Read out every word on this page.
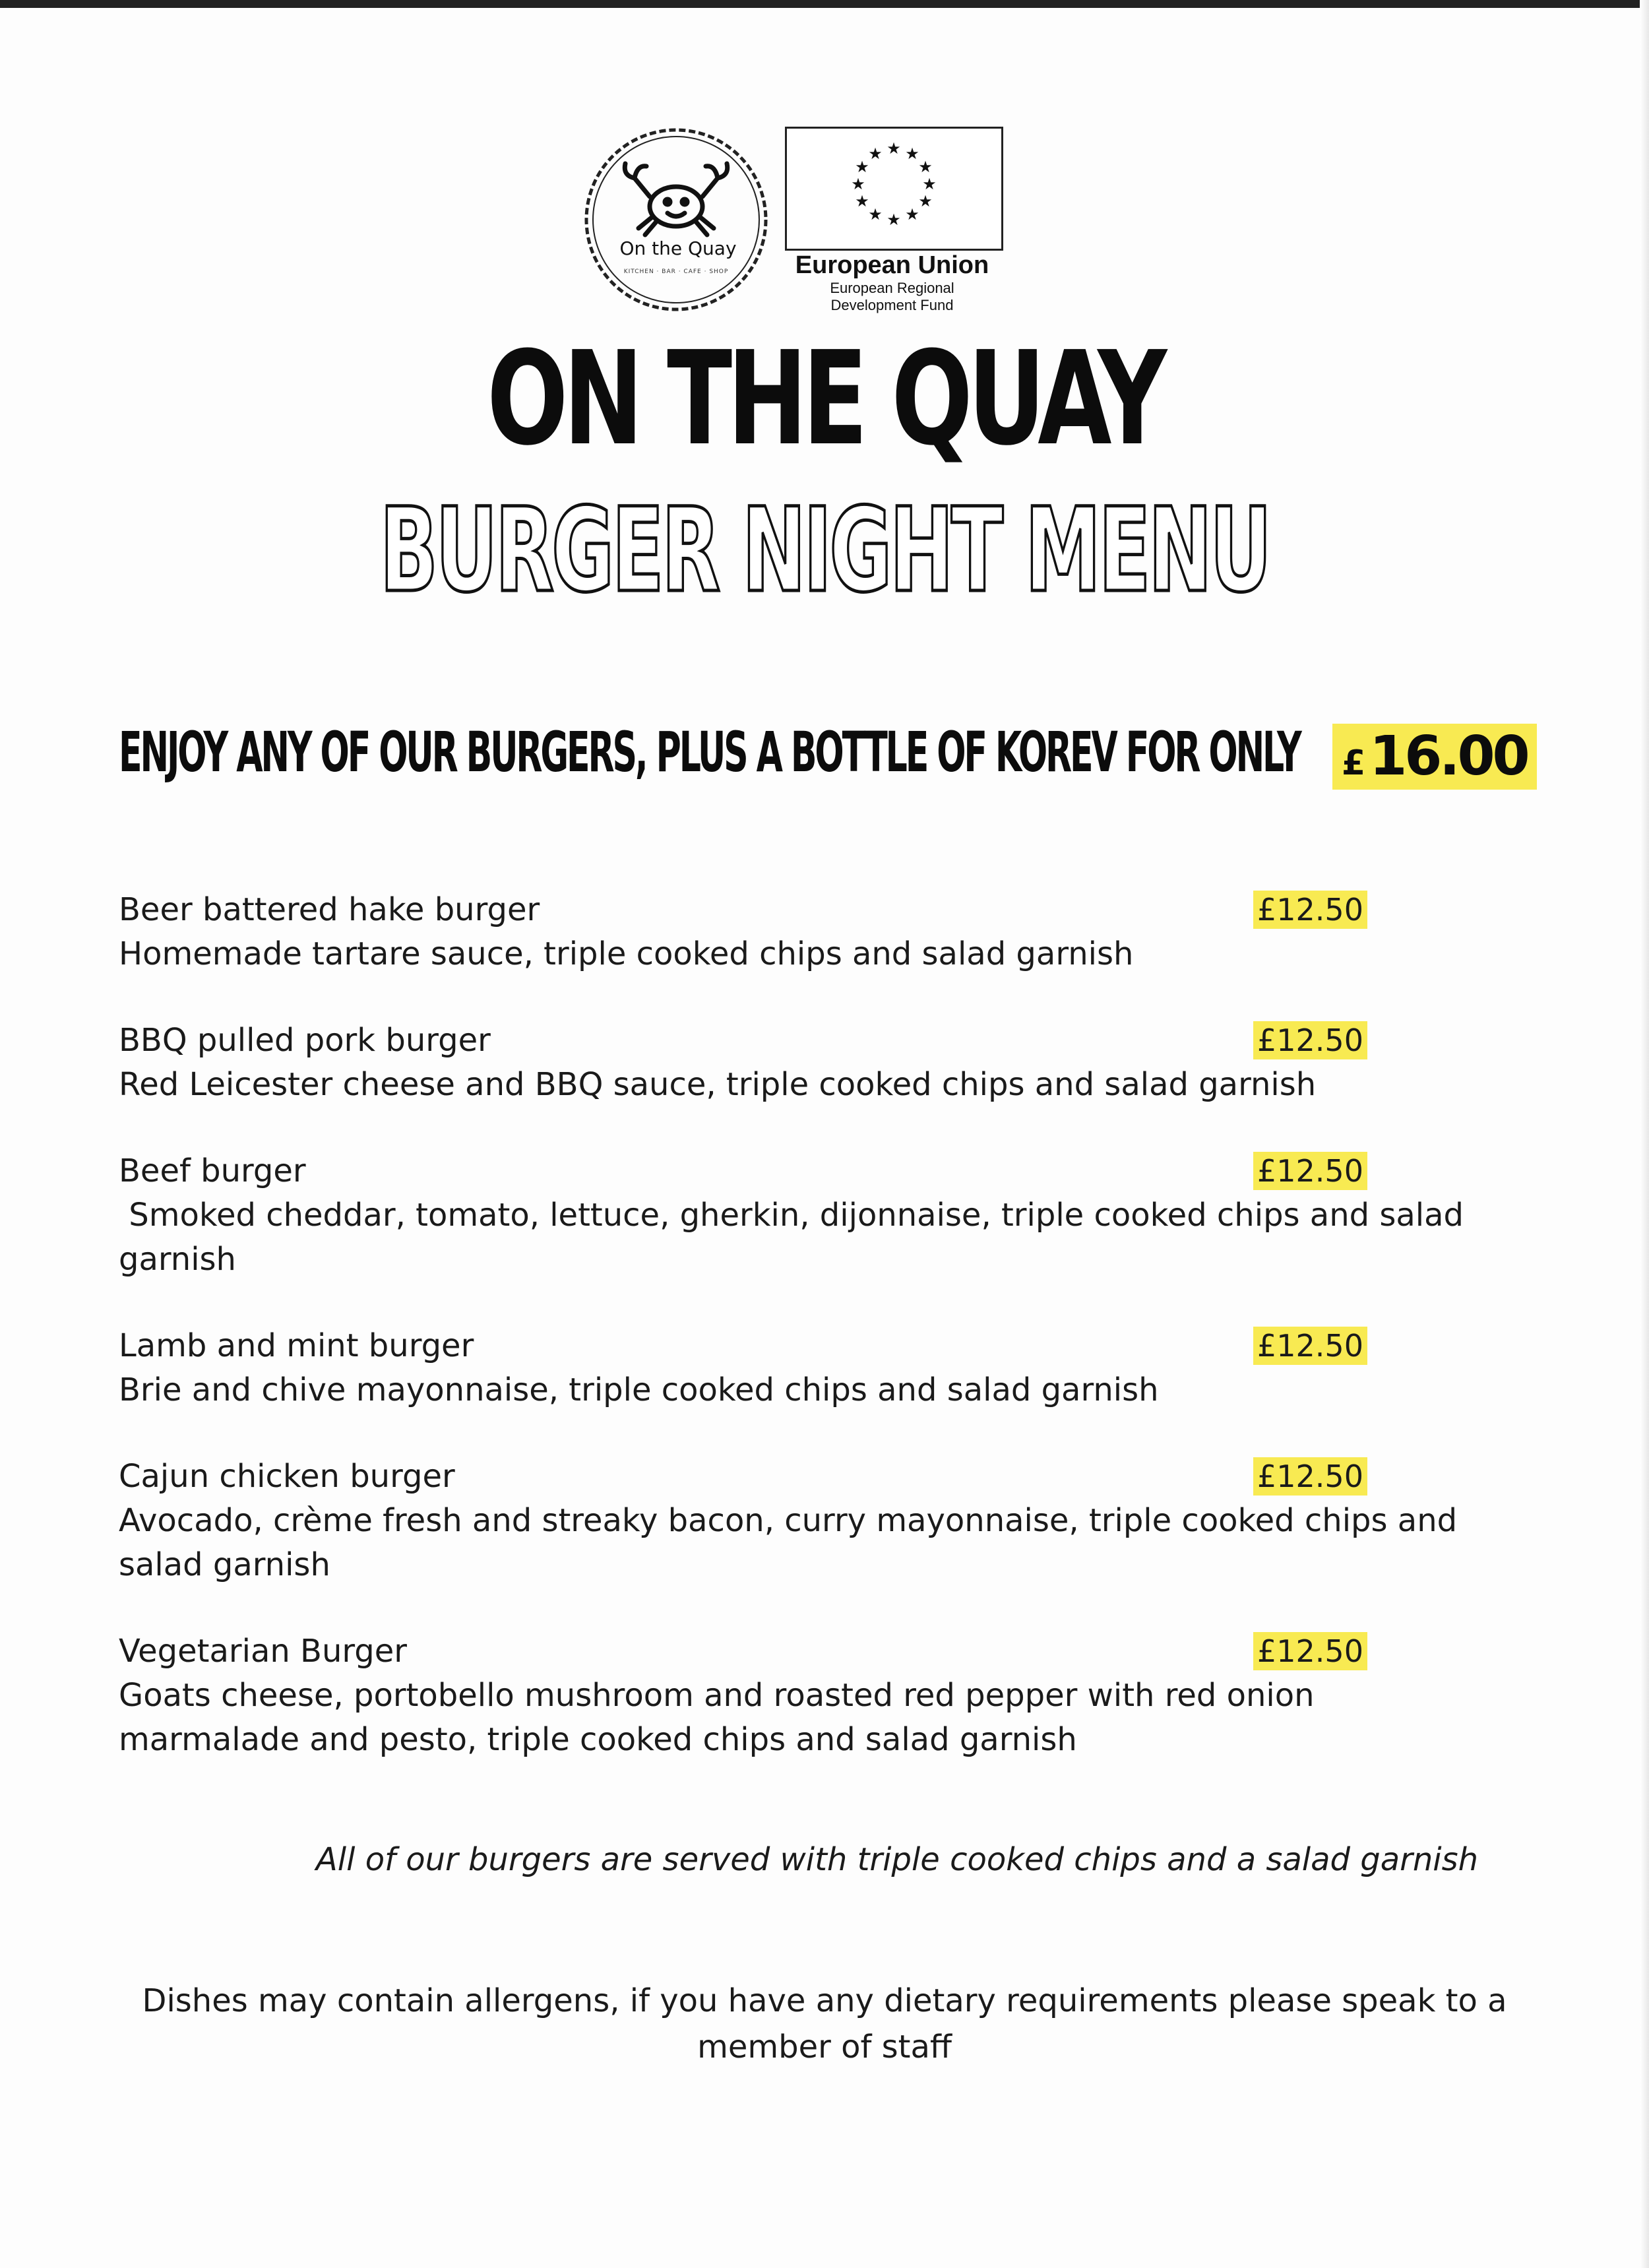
On the Quay
KITCHEN · BAR · CAFE · SHOP
★ ★
★
★
★
★
★
★
★
★
★
★
European Union
European Regional
Development Fund
ON THE QUAY
BURGER NIGHT MENU
ENJOY ANY OF OUR BURGERS, PLUS A BOTTLE OF KOREV FOR ONLY £16.00
Beer battered hake burger	£12.50
Homemade tartare sauce, triple cooked chips and salad garnish
BBQ pulled pork burger	£12.50
Red Leicester cheese and BBQ sauce, triple cooked chips and salad garnish
Beef burger	£12.50
Smoked cheddar, tomato, lettuce, gherkin, dijonnaise, triple cooked chips and salad garnish
Lamb and mint burger	£12.50
Brie and chive mayonnaise, triple cooked chips and salad garnish
Cajun chicken burger	£12.50
Avocado, crème fresh and streaky bacon, curry mayonnaise, triple cooked chips and salad garnish
Vegetarian Burger	£12.50
Goats cheese, portobello mushroom and roasted red pepper with red onion marmalade and pesto, triple cooked chips and salad garnish
All of our burgers are served with triple cooked chips and a salad garnish
Dishes may contain allergens, if you have any dietary requirements please speak to a member of staff
